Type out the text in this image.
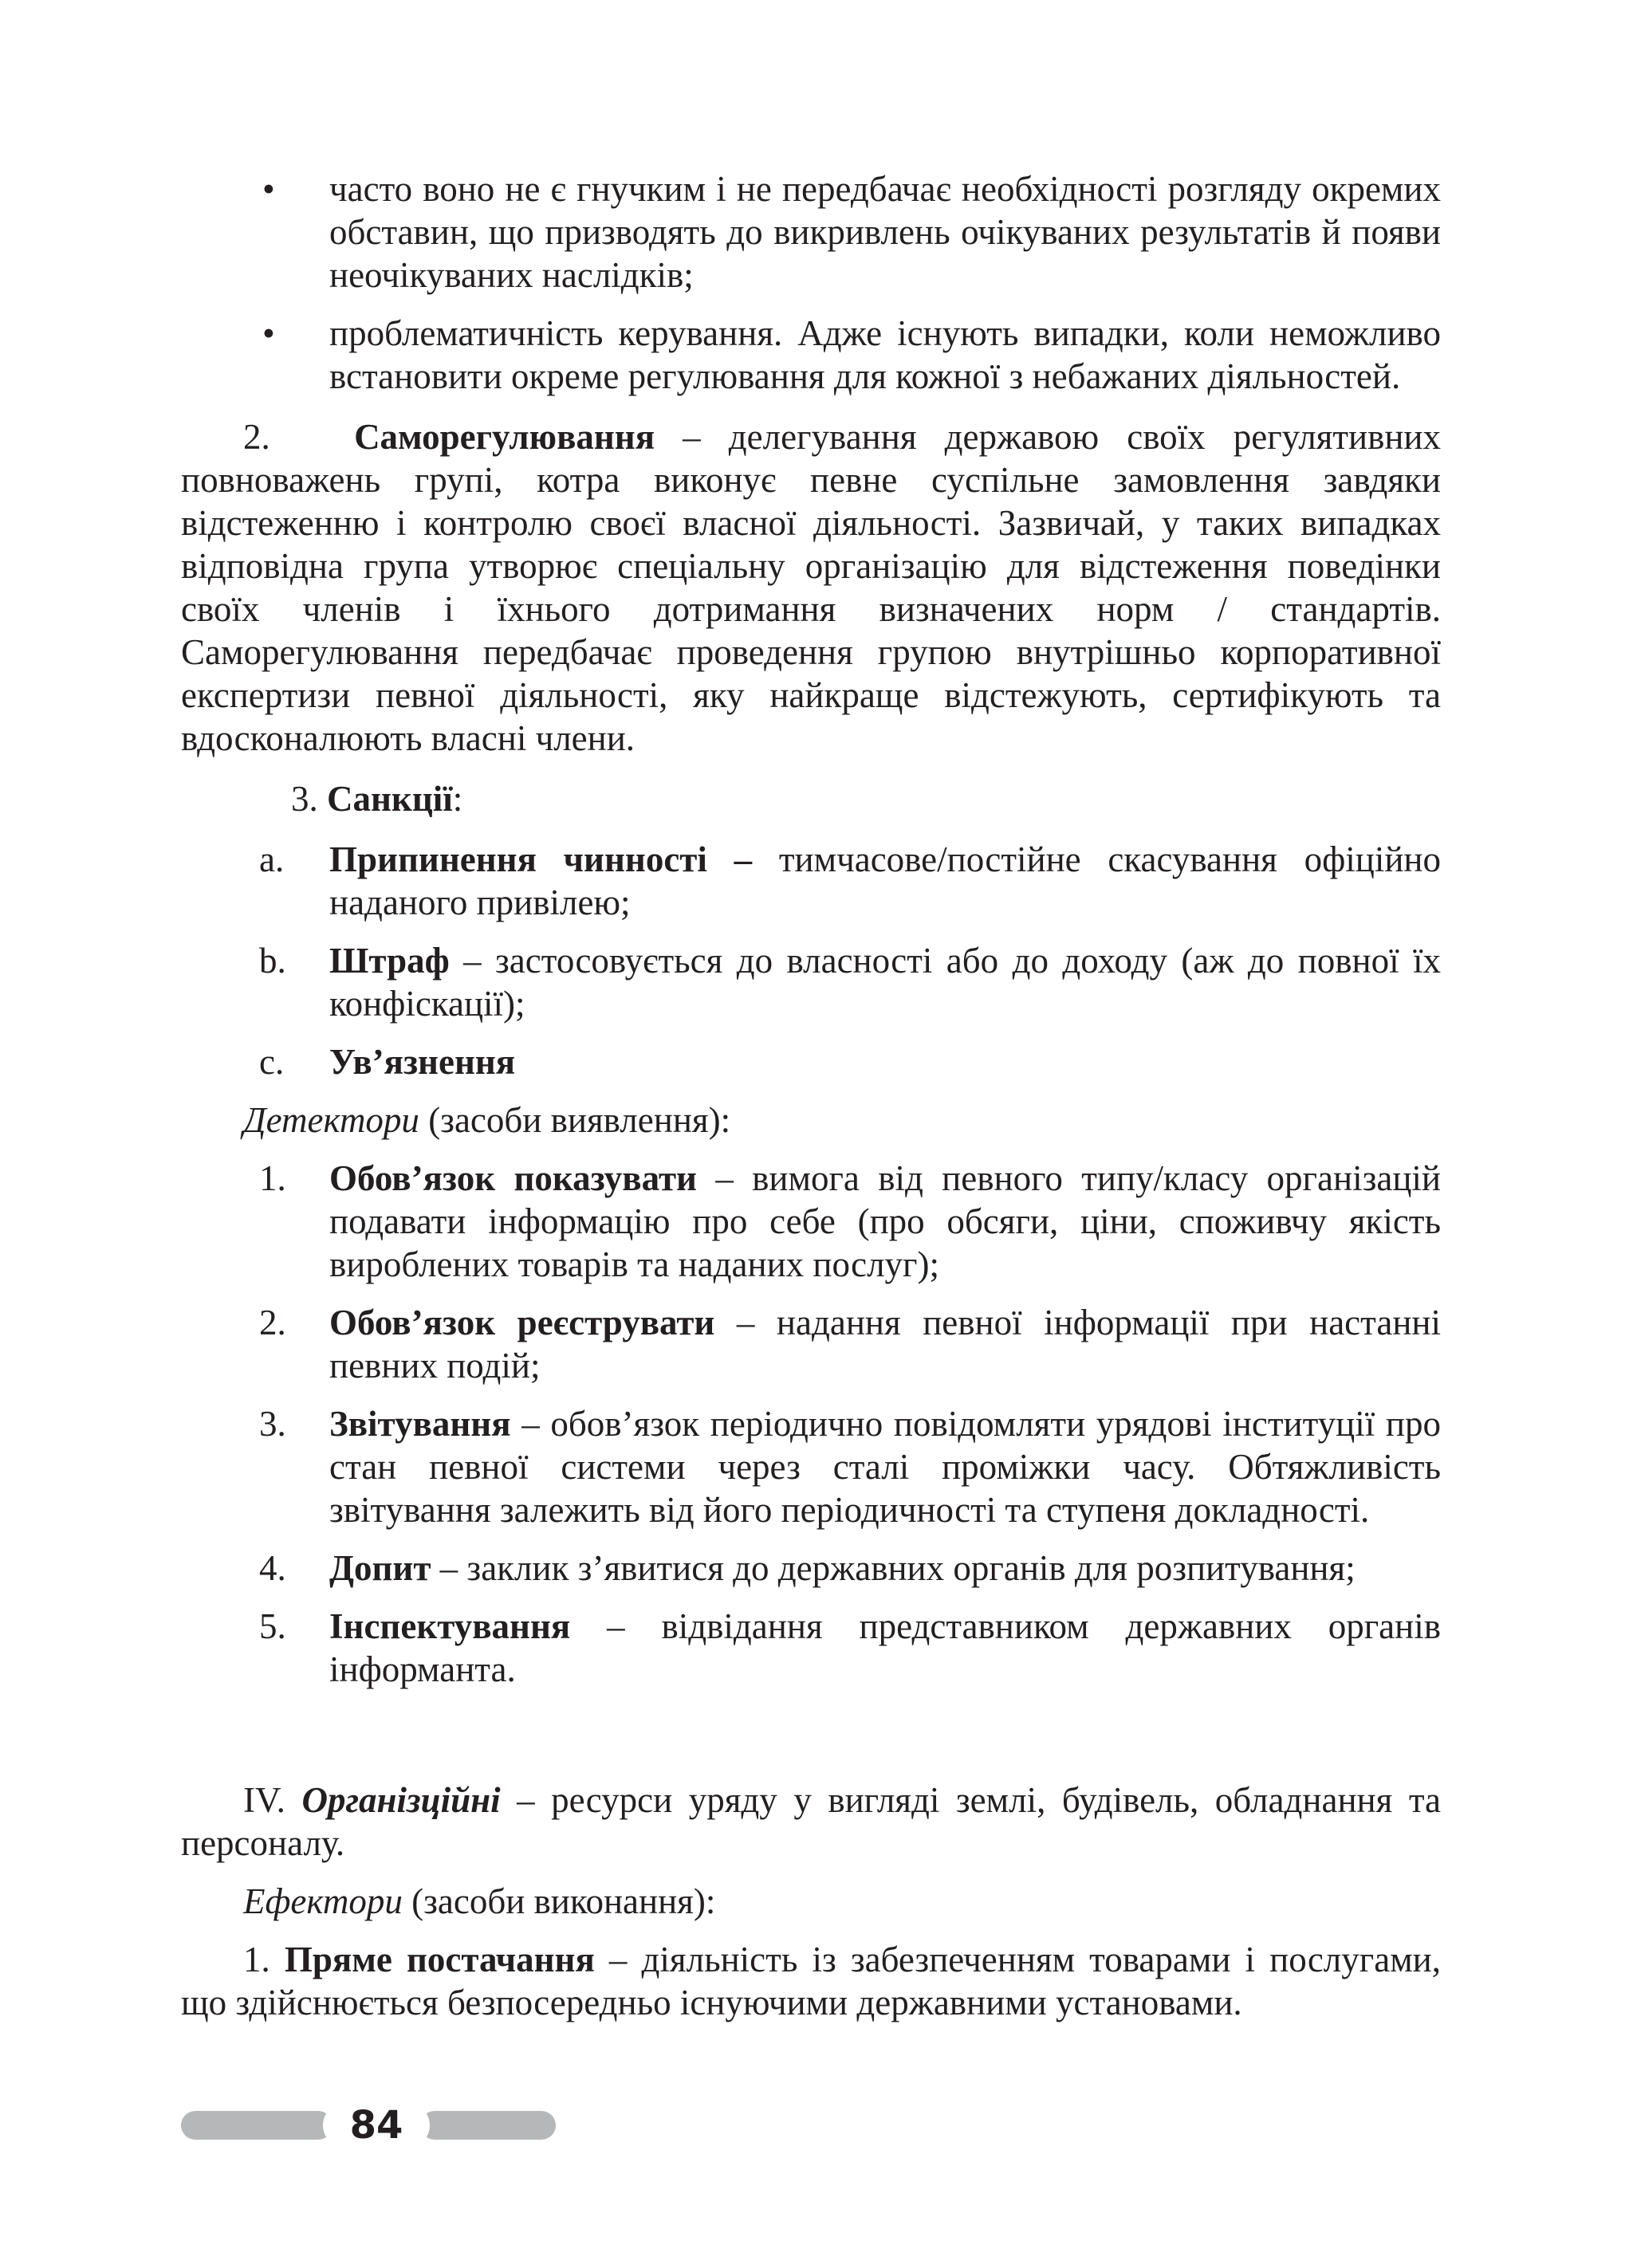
• часто воно не є гнучким і не передбачає необхідності розгляду окремих обставин, що призводять до викривлень очікуваних результатів й появи неочікуваних наслідків;
• проблематичність керування. Адже існують випадки, коли неможливо встановити окреме регулювання для кожної з небажаних діяльностей.

2. Саморегулювання – делегування державою своїх регулятивних повноважень групі, котра виконує певне суспільне замовлення завдяки відстеженню і контролю своєї власної діяльності. Зазвичай, у таких випадках відповідна група утворює спеціальну організацію для відстеження поведінки своїх членів і їхнього дотримання визначених норм / стандартів. Саморегулювання передбачає проведення групою внутрішньо корпоративної експертизи певної діяльності, яку найкраще відстежують, сертифікують та вдосконалюють власні члени.

3. Санкції:

a. Припинення чинності – тимчасове/постійне скасування офіційно наданого привілею;
b. Штраф – застосовується до власності або до доходу (аж до повної їх конфіскації);
c. Ув’язнення

Детектори (засоби виявлення):

1. Обов’язок показувати – вимога від певного типу/класу організацій подавати інформацію про себе (про обсяги, ціни, споживчу якість вироблених товарів та наданих послуг);
2. Обов’язок реєструвати – надання певної інформації при настанні певних подій;
3. Звітування – обов’язок періодично повідомляти урядові інституції про стан певної системи через сталі проміжки часу. Обтяжливість звітування залежить від його періодичності та ступеня докладності.
4. Допит – заклик з’явитися до державних органів для розпитування;
5. Інспектування – відвідання представником державних органів інформанта.

IV. Організційні – ресурси уряду у вигляді землі, будівель, обладнання та персоналу.

Ефектори (засоби виконання):

1. Пряме постачання – діяльність із забезпеченням товарами і послугами, що здійснюється безпосередньо існуючими державними установами.

84
